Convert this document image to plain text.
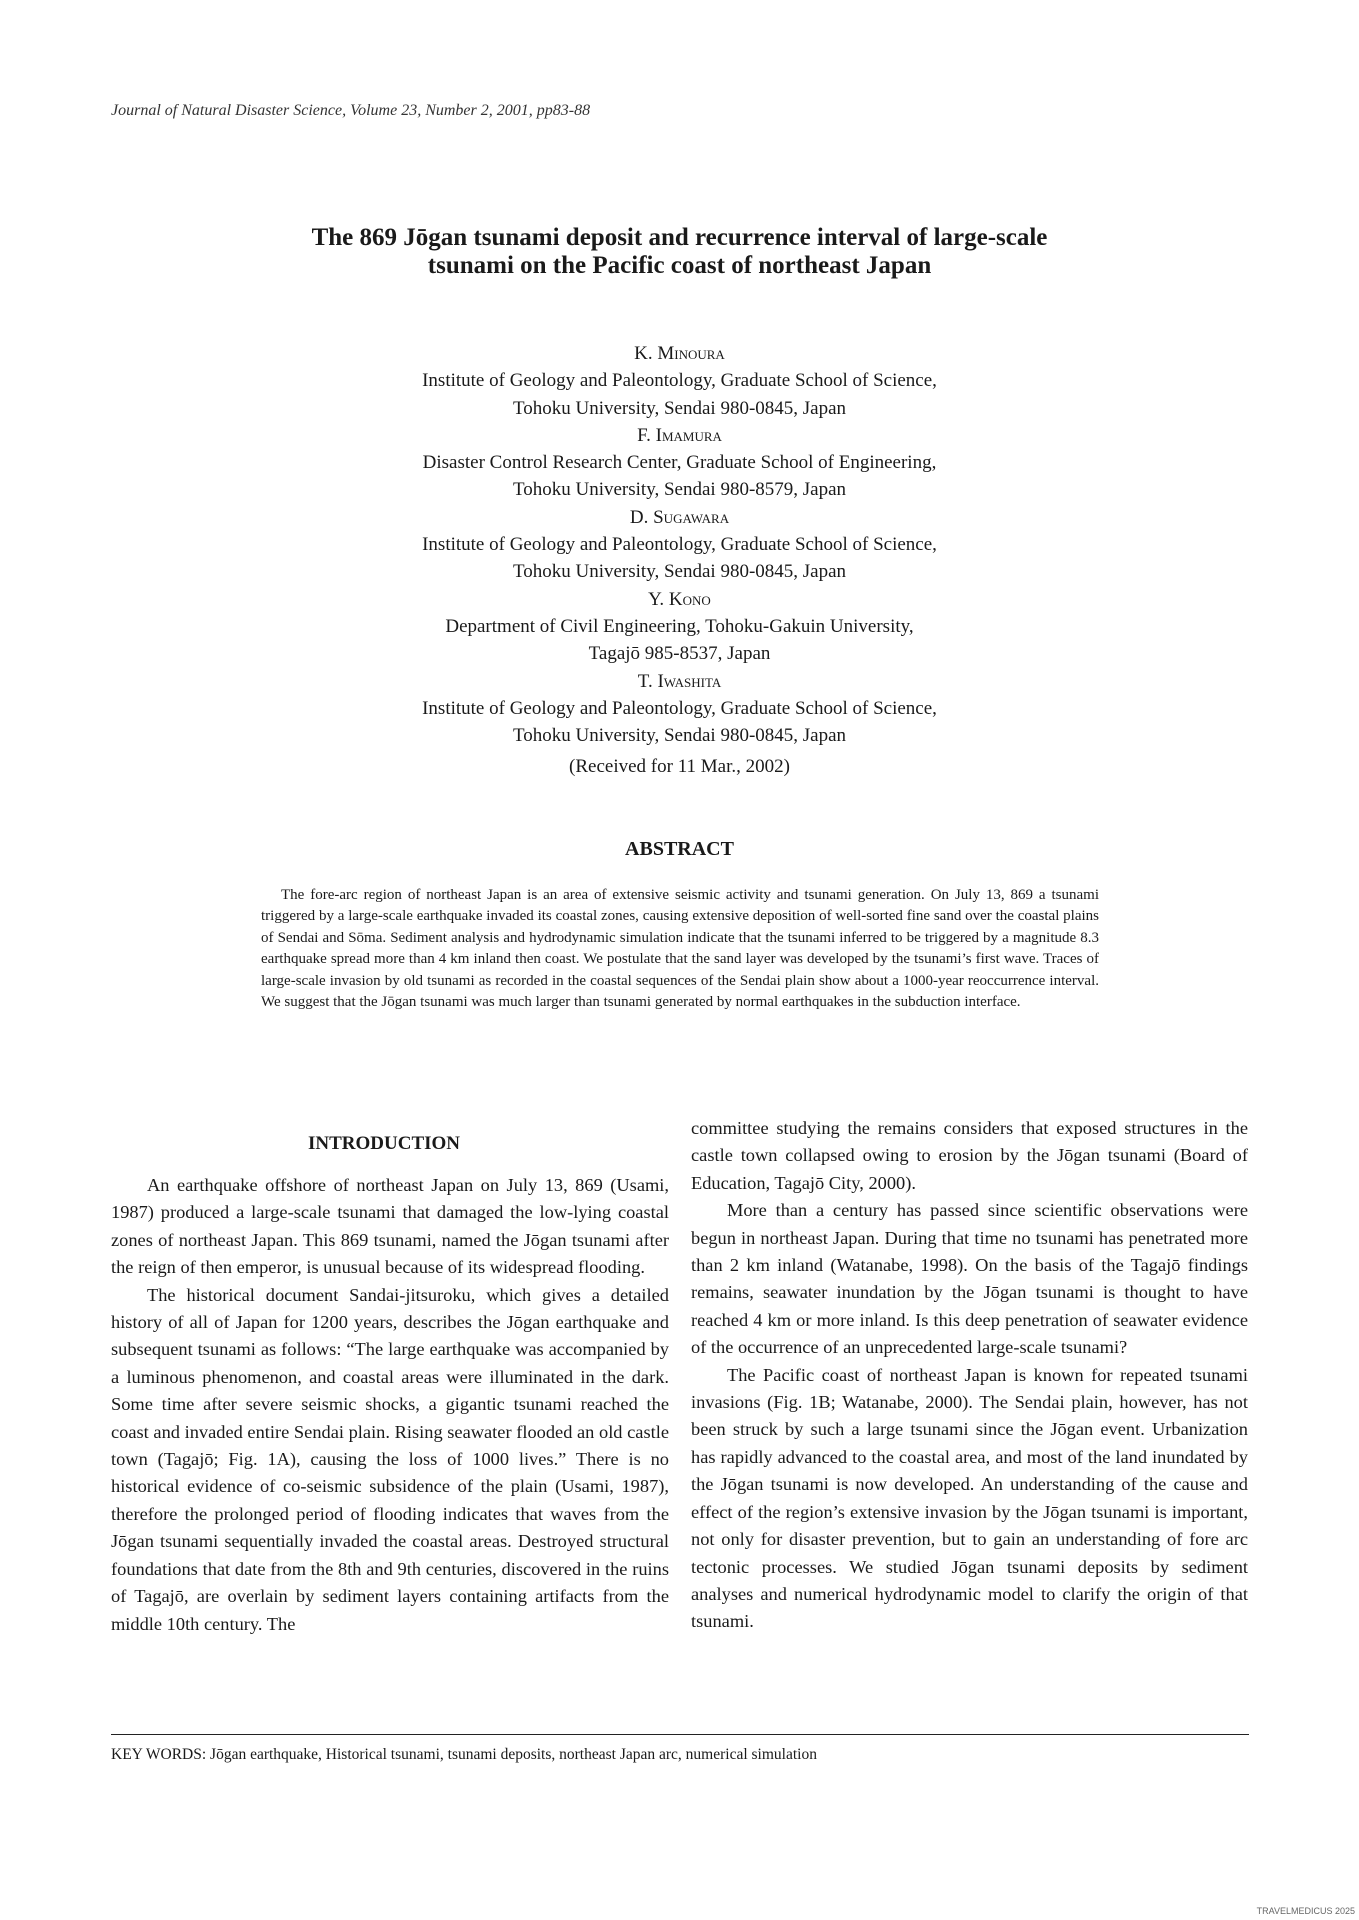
Journal of Natural Disaster Science, Volume 23, Number 2, 2001, pp83-88
The 869 Jōgan tsunami deposit and recurrence interval of large-scale
tsunami on the Pacific coast of northeast Japan
K. Minoura
Institute of Geology and Paleontology, Graduate School of Science,
Tohoku University, Sendai 980-0845, Japan
F. Imamura
Disaster Control Research Center, Graduate School of Engineering,
Tohoku University, Sendai 980-8579, Japan
D. Sugawara
Institute of Geology and Paleontology, Graduate School of Science,
Tohoku University, Sendai 980-0845, Japan
Y. Kono
Department of Civil Engineering, Tohoku-Gakuin University,
Tagajō 985-8537, Japan
T. Iwashita
Institute of Geology and Paleontology, Graduate School of Science,
Tohoku University, Sendai 980-0845, Japan
(Received for 11 Mar., 2002)
ABSTRACT
The fore-arc region of northeast Japan is an area of extensive seismic activity and tsunami generation. On July 13, 869 a tsunami triggered by a large-scale earthquake invaded its coastal zones, causing extensive deposition of well-sorted fine sand over the coastal plains of Sendai and Sōma. Sediment analysis and hydrodynamic simulation indicate that the tsunami inferred to be triggered by a magnitude 8.3 earthquake spread more than 4 km inland then coast. We postulate that the sand layer was developed by the tsunami’s first wave. Traces of large-scale invasion by old tsunami as recorded in the coastal sequences of the Sendai plain show about a 1000-year reoccurrence interval. We suggest that the Jōgan tsunami was much larger than tsunami generated by normal earthquakes in the subduction interface.
INTRODUCTION

An earthquake offshore of northeast Japan on July 13, 869 (Usami, 1987) produced a large-scale tsunami that damaged the low-lying coastal zones of northeast Japan. This 869 tsunami, named the Jōgan tsunami after the reign of then emperor, is unusual because of its widespread flooding.

The historical document Sandai-jitsuroku, which gives a detailed history of all of Japan for 1200 years, describes the Jōgan earthquake and subsequent tsunami as follows: “The large earthquake was accompanied by a luminous phenomenon, and coastal areas were illuminated in the dark. Some time after severe seismic shocks, a gigantic tsunami reached the coast and invaded entire Sendai plain. Rising seawater flooded an old castle town (Tagajō; Fig. 1A), causing the loss of 1000 lives.” There is no historical evidence of co-seismic subsidence of the plain (Usami, 1987), therefore the prolonged period of flooding indicates that waves from the Jōgan tsunami sequentially invaded the coastal areas. Destroyed structural foundations that date from the 8th and 9th centuries, discovered in the ruins of Tagajō, are overlain by sediment layers containing artifacts from the middle 10th century. The

committee studying the remains considers that exposed structures in the castle town collapsed owing to erosion by the Jōgan tsunami (Board of Education, Tagajō City, 2000).

More than a century has passed since scientific observations were begun in northeast Japan. During that time no tsunami has penetrated more than 2 km inland (Watanabe, 1998). On the basis of the Tagajō findings remains, seawater inundation by the Jōgan tsunami is thought to have reached 4 km or more inland. Is this deep penetration of seawater evidence of the occurrence of an unprecedented large-scale tsunami?

The Pacific coast of northeast Japan is known for repeated tsunami invasions (Fig. 1B; Watanabe, 2000). The Sendai plain, however, has not been struck by such a large tsunami since the Jōgan event. Urbanization has rapidly advanced to the coastal area, and most of the land inundated by the Jōgan tsunami is now developed. An understanding of the cause and effect of the region’s extensive invasion by the Jōgan tsunami is important, not only for disaster prevention, but to gain an understanding of fore arc tectonic processes. We studied Jōgan tsunami deposits by sediment analyses and numerical hydrodynamic model to clarify the origin of that tsunami.

KEY WORDS: Jōgan earthquake, Historical tsunami, tsunami deposits, northeast Japan arc, numerical simulation
TRAVELMEDICUS 2025
